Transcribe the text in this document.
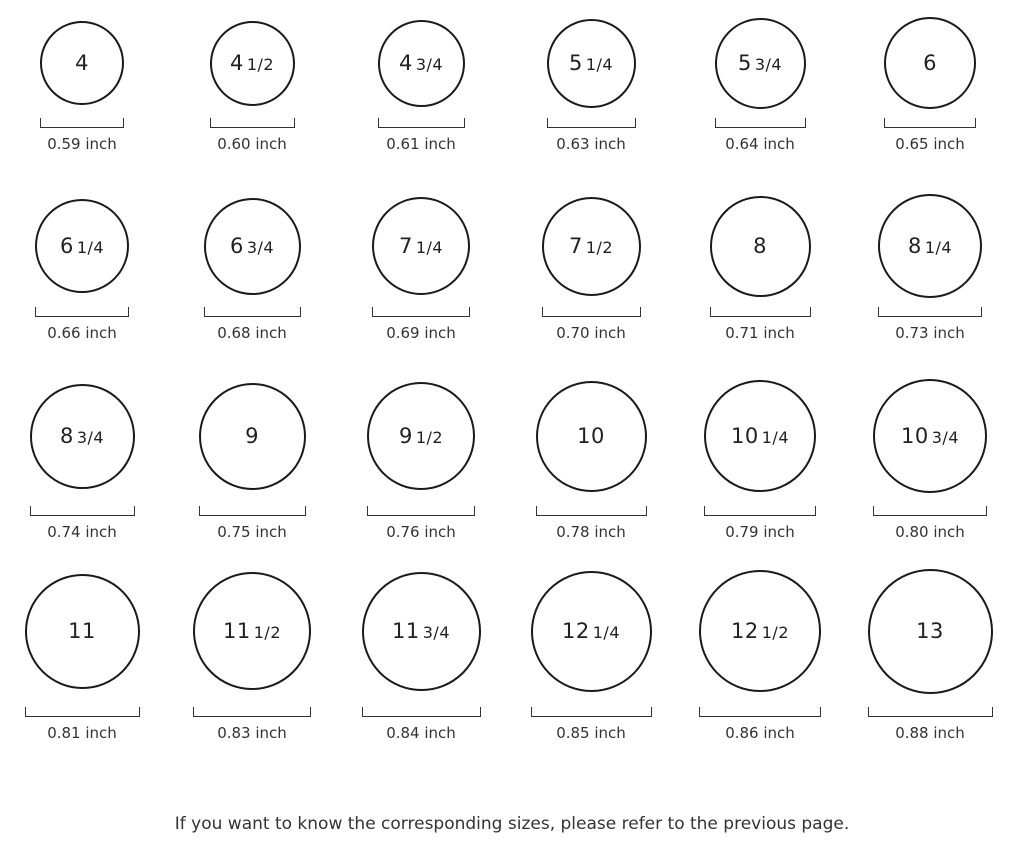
4
0.59 inch
4 1/2
0.60 inch
4 3/4
0.61 inch
5 1/4
0.63 inch
5 3/4
0.64 inch
6
0.65 inch
6 1/4
0.66 inch
6 3/4
0.68 inch
7 1/4
0.69 inch
7 1/2
0.70 inch
8
0.71 inch
8 1/4
0.73 inch
8 3/4
0.74 inch
9
0.75 inch
9 1/2
0.76 inch
10
0.78 inch
10 1/4
0.79 inch
10 3/4
0.80 inch
11
0.81 inch
11 1/2
0.83 inch
11 3/4
0.84 inch
12 1/4
0.85 inch
12 1/2
0.86 inch
13
0.88 inch
If you want to know the corresponding sizes, please refer to the previous page.
